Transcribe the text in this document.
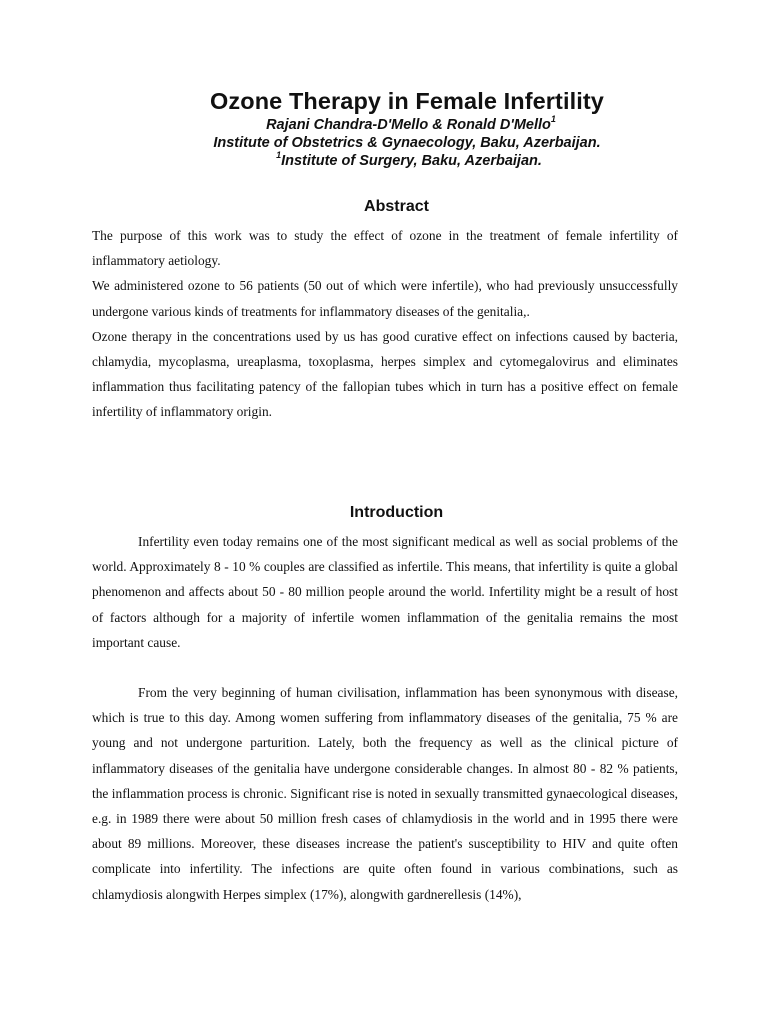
Ozone Therapy in Female Infertility
Rajani Chandra-D'Mello & Ronald D'Mello$^1$
Institute of Obstetrics & Gynaecology, Baku, Azerbaijan.
$^1$Institute of Surgery, Baku, Azerbaijan.
Abstract

The purpose of this work was to study the effect of ozone in the treatment of female infertility of inflammatory aetiology.

We administered ozone to 56 patients (50 out of which were infertile), who had previously unsuccessfully undergone various kinds of treatments for inflammatory diseases of the genitalia,.

Ozone therapy in the concentrations used by us has good curative effect on infections caused by bacteria, chlamydia, mycoplasma, ureaplasma, toxoplasma, herpes simplex and cytomegalovirus and eliminates inflammation thus facilitating patency of the fallopian tubes which in turn has a positive effect on female infertility of inflammatory origin.

Introduction

Infertility even today remains one of the most significant medical as well as social problems of the world. Approximately 8 - 10 % couples are classified as infertile. This means, that infertility is quite a global phenomenon and affects about 50 - 80 million people around the world. Infertility might be a result of host of factors although for a majority of infertile women inflammation of the genitalia remains the most important cause.

From the very beginning of human civilisation, inflammation has been synonymous with disease, which is true to this day. Among women suffering from inflammatory diseases of the genitalia, 75 % are young and not undergone parturition. Lately, both the frequency as well as the clinical picture of inflammatory diseases of the genitalia have undergone considerable changes. In almost 80 - 82 % patients, the inflammation process is chronic. Significant rise is noted in sexually transmitted gynaecological diseases, e.g. in 1989 there were about 50 million fresh cases of chlamydiosis in the world and in 1995 there were about 89 millions. Moreover, these diseases increase the patient's susceptibility to HIV and quite often complicate into infertility. The infections are quite often found in various combinations, such as chlamydiosis alongwith Herpes simplex (17%), alongwith gardnerellesis (14%),
